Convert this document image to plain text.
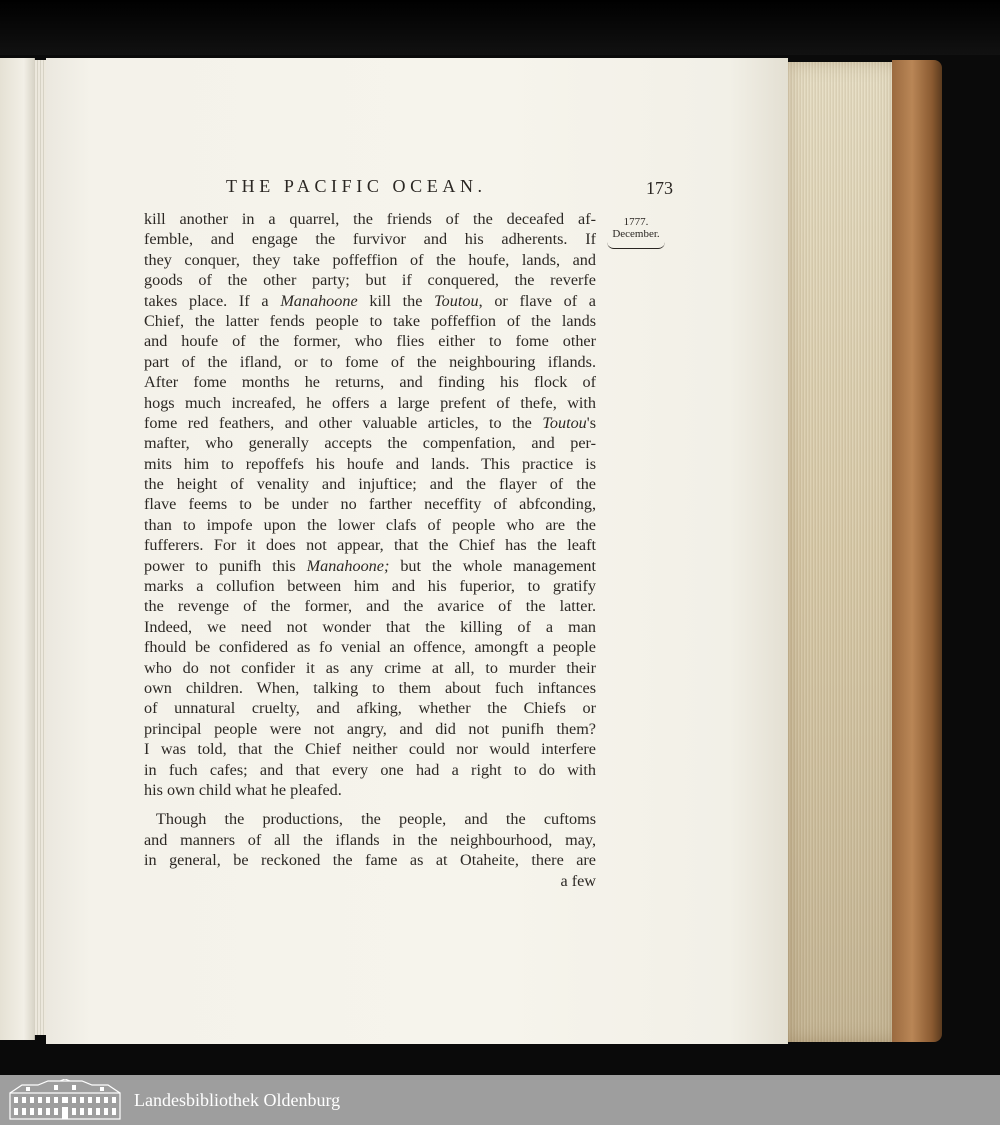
THE PACIFIC OCEAN.	173
1777.
December.
kill another in a quarrel, the friends of the deceafed af-
femble, and engage the furvivor and his adherents. If
they conquer, they take poffeffion of the houfe, lands, and
goods of the other party; but if conquered, the reverfe
takes place. If a Manahoone kill the Toutou, or flave of a
Chief, the latter fends people to take poffeffion of the lands
and houfe of the former, who flies either to fome other
part of the ifland, or to fome of the neighbouring iflands.
After fome months he returns, and finding his flock of
hogs much increafed, he offers a large prefent of thefe, with
fome red feathers, and other valuable articles, to the Toutou's
mafter, who generally accepts the compenfation, and per-
mits him to repoffefs his houfe and lands. This practice is
the height of venality and injuftice; and the flayer of the
flave feems to be under no farther neceffity of abfconding,
than to impofe upon the lower clafs of people who are the
fufferers. For it does not appear, that the Chief has the leaft
power to punifh this Manahoone; but the whole management
marks a collufion between him and his fuperior, to gratify
the revenge of the former, and the avarice of the latter.
Indeed, we need not wonder that the killing of a man
fhould be confidered as fo venial an offence, amongft a people
who do not confider it as any crime at all, to murder their
own children. When, talking to them about fuch inftances
of unnatural cruelty, and afking, whether the Chiefs or
principal people were not angry, and did not punifh them?
I was told, that the Chief neither could nor would interfere
in fuch cafes; and that every one had a right to do with
his own child what he pleafed.
Though the productions, the people, and the cuftoms
and manners of all the iflands in the neighbourhood, may,
in general, be reckoned the fame as at Otaheite, there are
a few
Landesbibliothek Oldenburg
